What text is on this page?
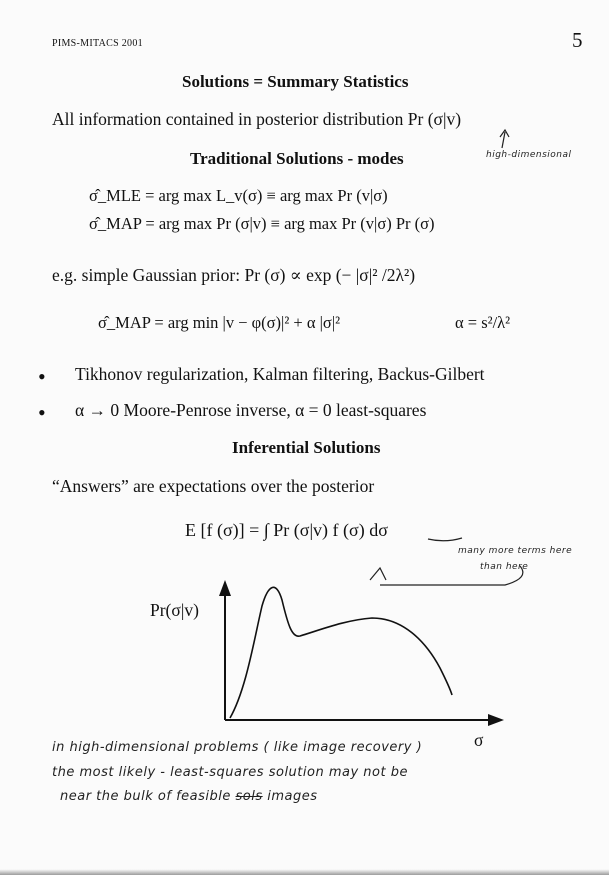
PIMS-MITACS 2001	5
Solutions = Summary Statistics
All information contained in posterior distribution Pr (σ|v)
high-dimensional
Traditional Solutions - modes
σ̂_MLE = arg max L_v(σ) ≡ arg max Pr (v|σ)
σ̂_MAP = arg max Pr (σ|v) ≡ arg max Pr (v|σ) Pr (σ)
e.g. simple Gaussian prior: Pr (σ) ∝ exp (− |σ|² /2λ²)
σ̂_MAP = arg min |v − φ(σ)|² + α |σ|²	α = s²/λ²
• Tikhonov regularization, Kalman filtering, Backus-Gilbert
• α → 0 Moore-Penrose inverse, α = 0 least-squares
Inferential Solutions
“Answers” are expectations over the posterior
E [f (σ)] = ∫ Pr (σ|v) f (σ) dσ
many more terms here
than here
Pr(σ|v)
σ
in high-dimensional problems ( like image recovery )
the most likely - least-squares solution may not be
near the bulk of feasible sols images
